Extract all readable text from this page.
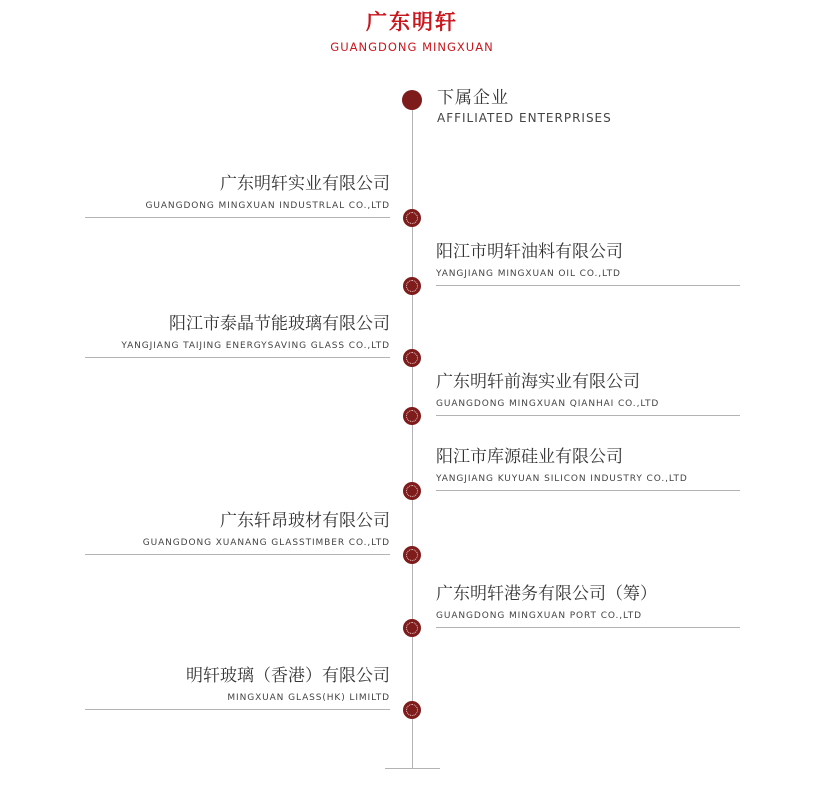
广东明轩
GUANGDONG MINGXUAN
下属企业
AFFILIATED ENTERPRISES
广东明轩实业有限公司
GUANGDONG MINGXUAN INDUSTRLAL CO.,LTD
阳江市明轩油料有限公司
YANGJIANG MINGXUAN OIL CO.,LTD
阳江市泰晶节能玻璃有限公司
YANGJIANG TAIJING ENERGYSAVING GLASS CO.,LTD
广东明轩前海实业有限公司
GUANGDONG MINGXUAN QIANHAI CO.,LTD
阳江市库源硅业有限公司
YANGJIANG KUYUAN SILICON INDUSTRY CO.,LTD
广东轩昂玻材有限公司
GUANGDONG XUANANG GLASSTIMBER CO.,LTD
广东明轩港务有限公司（筹）
GUANGDONG MINGXUAN PORT CO.,LTD
明轩玻璃（香港）有限公司
MINGXUAN GLASS(HK) LIMILTD
